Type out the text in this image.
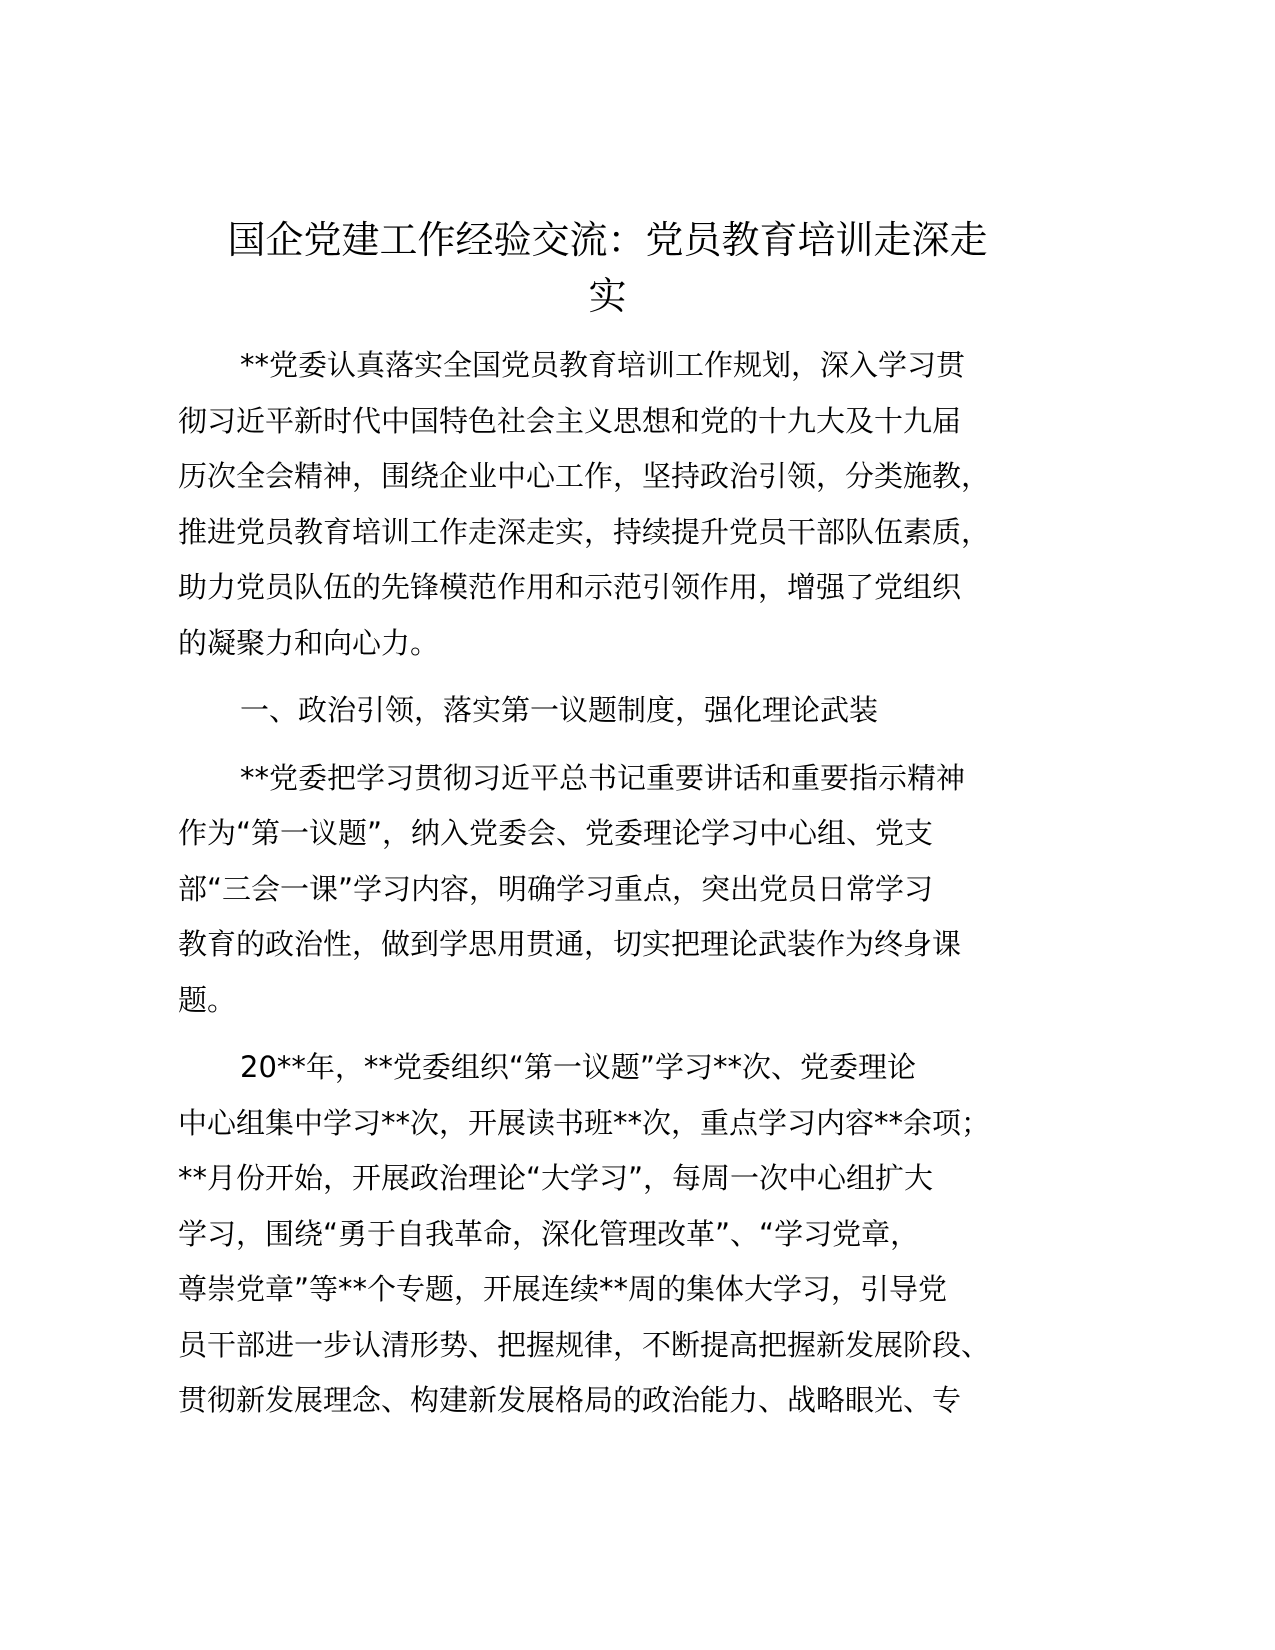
国企党建工作经验交流：党员教育培训走深走
实
**党委认真落实全国党员教育培训工作规划，深入学习贯
彻习近平新时代中国特色社会主义思想和党的十九大及十九届
历次全会精神，围绕企业中心工作，坚持政治引领，分类施教，
推进党员教育培训工作走深走实，持续提升党员干部队伍素质，
助力党员队伍的先锋模范作用和示范引领作用，增强了党组织
的凝聚力和向心力。
一、政治引领，落实第一议题制度，强化理论武装
**党委把学习贯彻习近平总书记重要讲话和重要指示精神
作为“第一议题”，纳入党委会、党委理论学习中心组、党支
部“三会一课”学习内容，明确学习重点，突出党员日常学习
教育的政治性，做到学思用贯通，切实把理论武装作为终身课
题。
20**年，**党委组织“第一议题”学习**次、党委理论
中心组集中学习**次，开展读书班**次，重点学习内容**余项；
**月份开始，开展政治理论“大学习”，每周一次中心组扩大
学习，围绕“勇于自我革命，深化管理改革”、“学习党章，
尊崇党章”等**个专题，开展连续**周的集体大学习，引导党
员干部进一步认清形势、把握规律，不断提高把握新发展阶段、
贯彻新发展理念、构建新发展格局的政治能力、战略眼光、专
